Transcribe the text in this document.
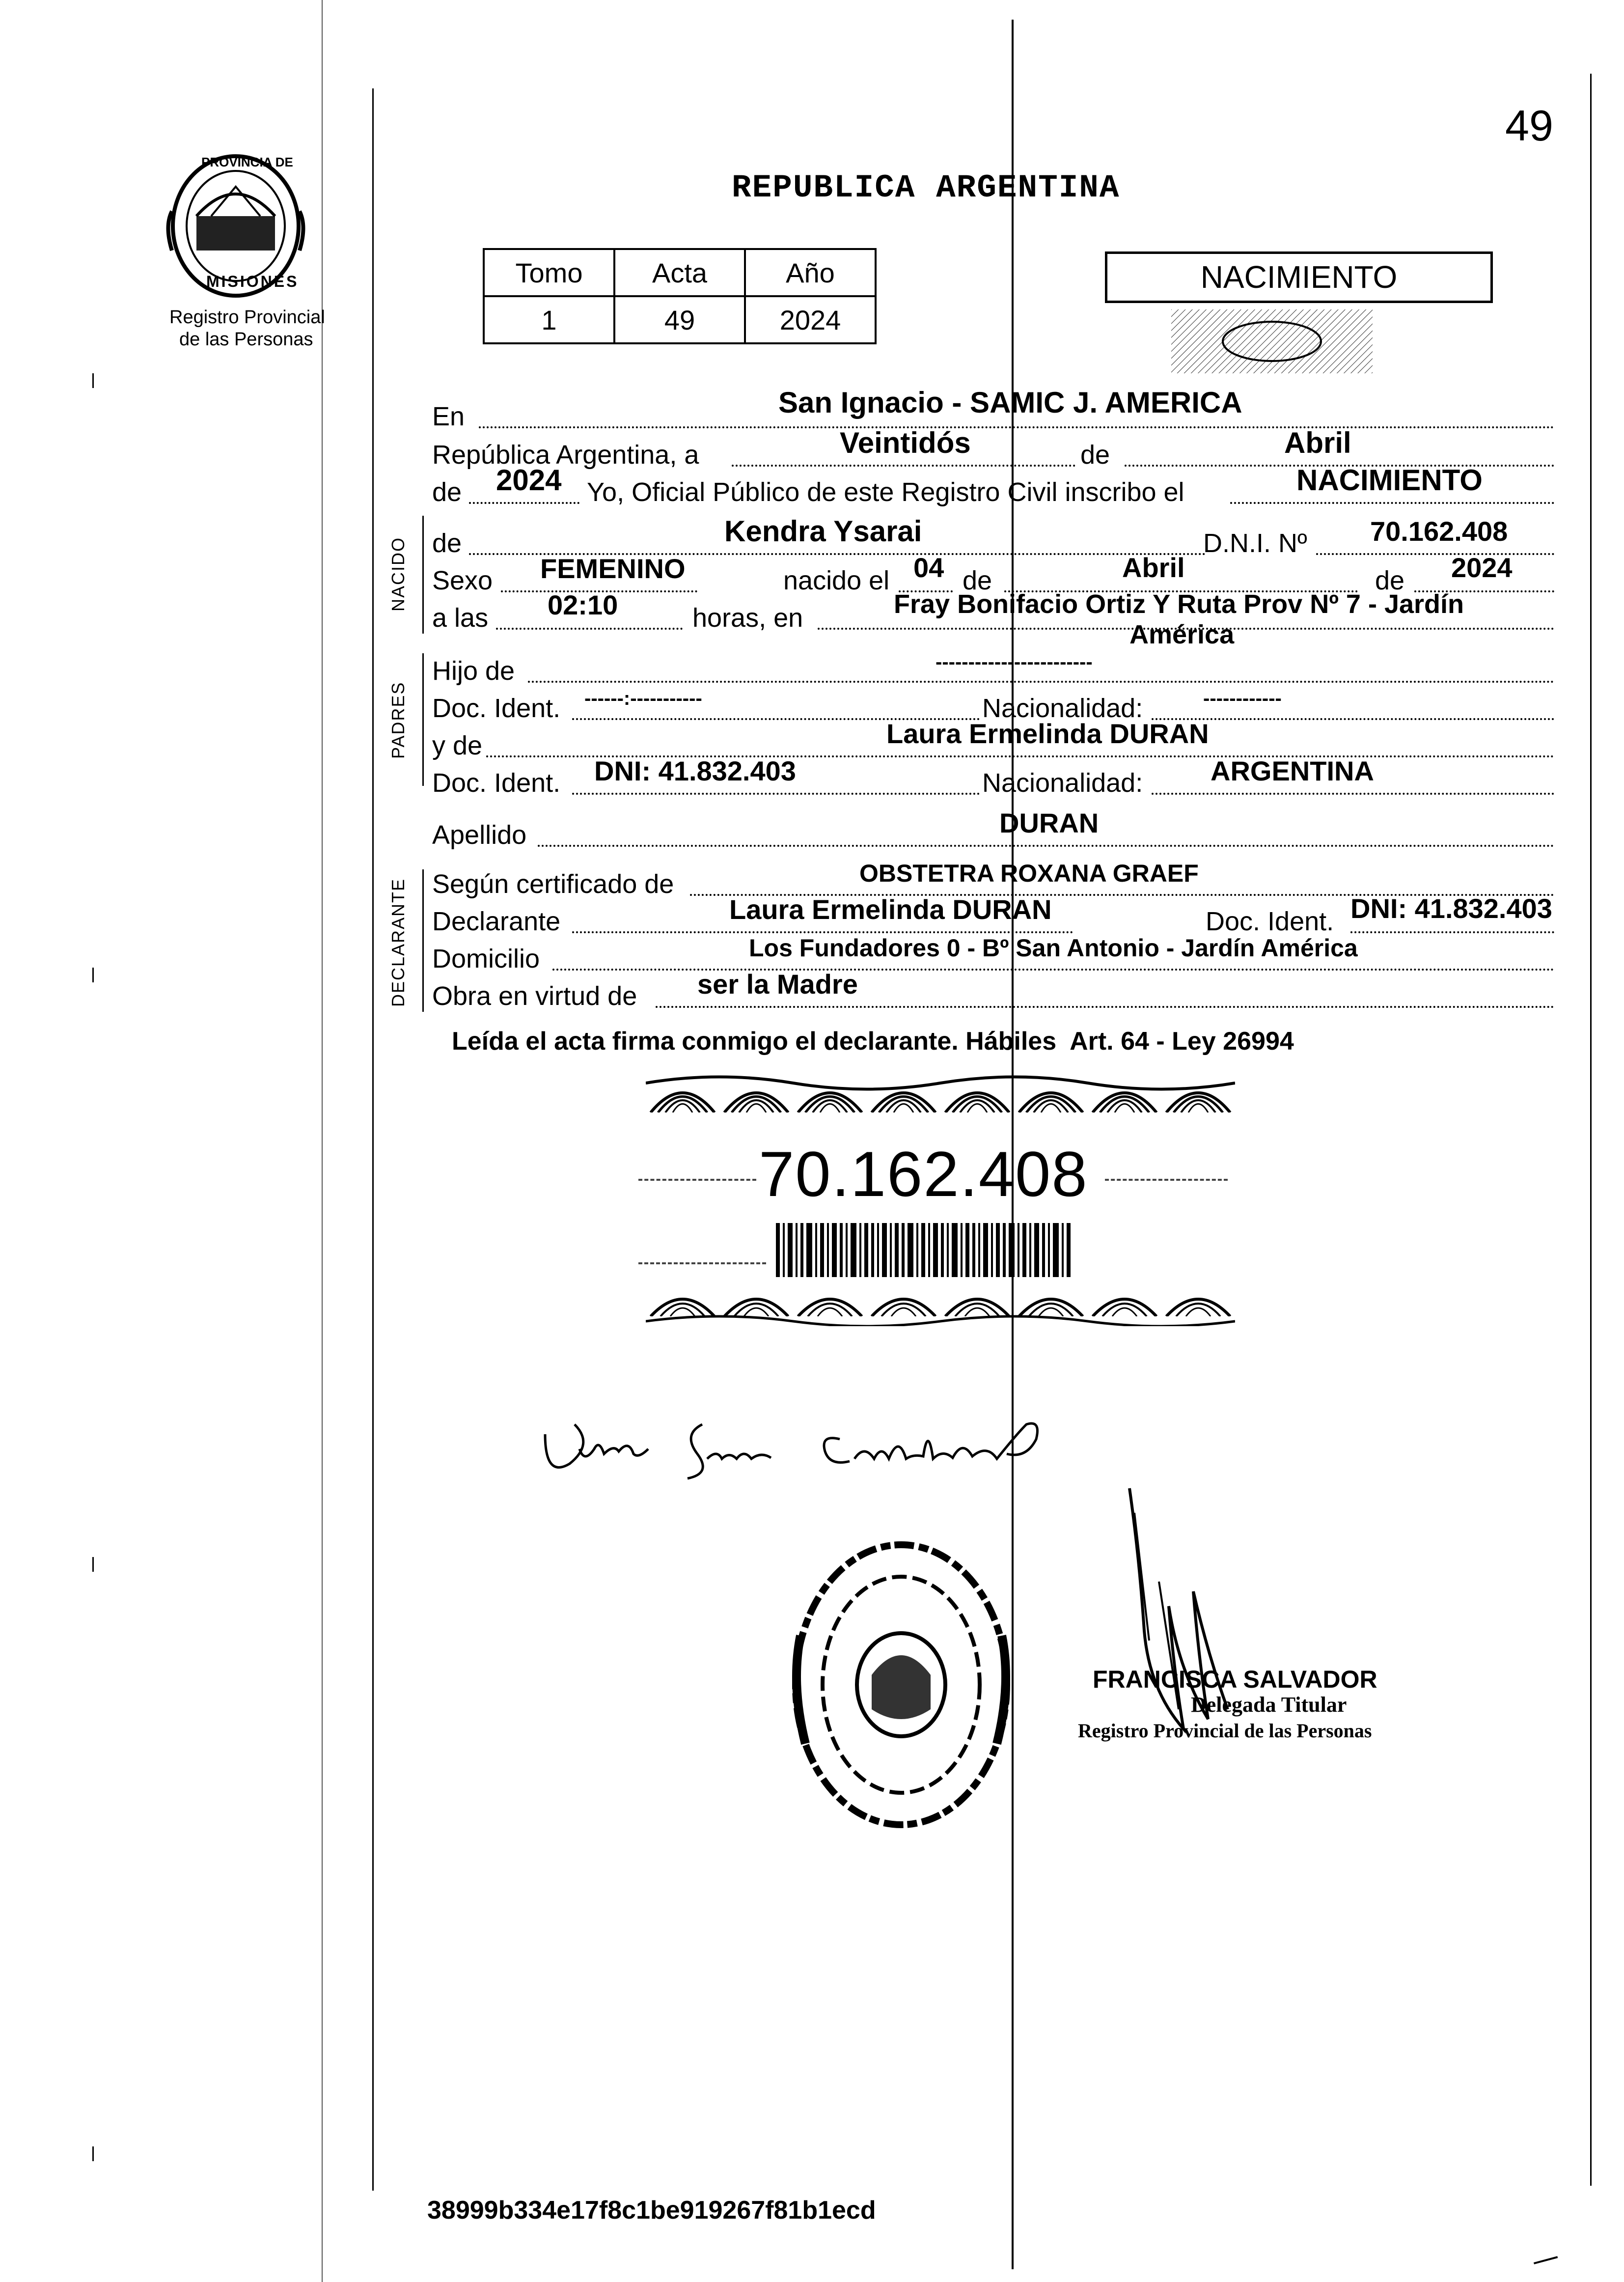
49
PROVINCIA DE
MISIONES
Registro Provincial
de las Personas
REPUBLICA ARGENTINA
Tomo	Acta	Año
1	49	2024
NACIMIENTO
En	San Ignacio - SAMIC J. AMERICA
República Argentina, a	Veintidós	de	Abril
de 2024 Yo, Oficial Público de este Registro Civil inscribo el	NACIMIENTO
NACIDO de	Kendra Ysarai	D.N.I. Nº 70.162.408
Sexo FEMENINO	nacido el 04 de	Abril	de 2024
a las 02:10	horas, en	Fray Bonifacio Ortiz Y Ruta Prov Nº 7 - Jardín
América
PADRES
Hijo de	------------------------
Doc. Ident. ------:-----------	Nacionalidad:	------------
y de	Laura Ermelinda DURAN
Doc. Ident. DNI: 41.832.403	Nacionalidad: ARGENTINA
Apellido	DURAN
DECLARANTE Según certificado de	OBSTETRA ROXANA GRAEF
Declarante	Laura Ermelinda DURAN	Doc. Ident. DNI: 41.832.403
Domicilio	Los Fundadores 0 - Bº San Antonio - Jardín América
Obra en virtud de ser la Madre
Leída el acta firma conmigo el declarante. Hábiles  Art. 64 - Ley 26994
70.162.408
FRANCISCA SALVADOR
Delegada Titular
Registro Provincial de las Personas
38999b334e17f8c1be919267f81b1ecd
